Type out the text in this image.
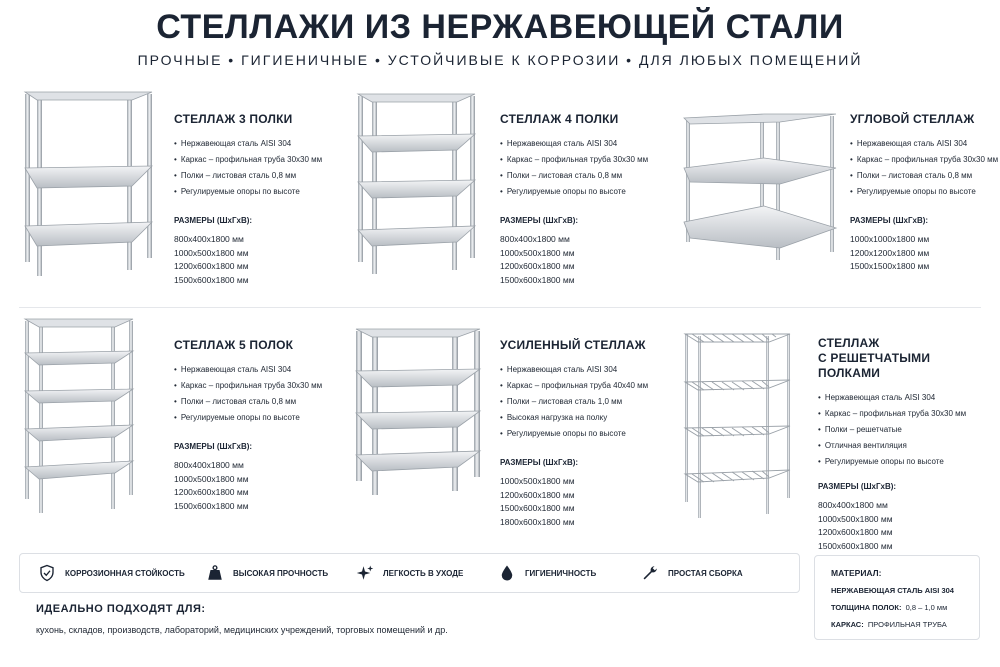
СТЕЛЛАЖИ ИЗ НЕРЖАВЕЮЩЕЙ СТАЛИ
ПРОЧНЫЕ • ГИГИЕНИЧНЫЕ • УСТОЙЧИВЫЕ К КОРРОЗИИ • ДЛЯ ЛЮБЫХ ПОМЕЩЕНИЙ
СТЕЛЛАЖ 3 ПОЛКИ
• Нержавеющая сталь AISI 304
• Каркас – профильная труба 30х30 мм
• Полки – листовая сталь 0,8 мм
• Регулируемые опоры по высоте
РАЗМЕРЫ (ШхГхВ):
800х400х1800 мм
1000х500х1800 мм
1200х600х1800 мм
1500х600х1800 мм
СТЕЛЛАЖ 4 ПОЛКИ
• Нержавеющая сталь AISI 304
• Каркас – профильная труба 30х30 мм
• Полки – листовая сталь 0,8 мм
• Регулируемые опоры по высоте
РАЗМЕРЫ (ШхГхВ):
800х400х1800 мм
1000х500х1800 мм
1200х600х1800 мм
1500х600х1800 мм
УГЛОВОЙ СТЕЛЛАЖ
• Нержавеющая сталь AISI 304
• Каркас – профильная труба 30х30 мм
• Полки – листовая сталь 0,8 мм
• Регулируемые опоры по высоте
РАЗМЕРЫ (ШхГхВ):
1000х1000х1800 мм
1200х1200х1800 мм
1500х1500х1800 мм
СТЕЛЛАЖ 5 ПОЛОК
• Нержавеющая сталь AISI 304
• Каркас – профильная труба 30х30 мм
• Полки – листовая сталь 0,8 мм
• Регулируемые опоры по высоте
РАЗМЕРЫ (ШхГхВ):
800х400х1800 мм
1000х500х1800 мм
1200х600х1800 мм
1500х600х1800 мм
УСИЛЕННЫЙ СТЕЛЛАЖ
• Нержавеющая сталь AISI 304
• Каркас – профильная труба 40х40 мм
• Полки – листовая сталь 1,0 мм
• Высокая нагрузка на полку
• Регулируемые опоры по высоте
РАЗМЕРЫ (ШхГхВ):
1000х500х1800 мм
1200х600х1800 мм
1500х600х1800 мм
1800х600х1800 мм
СТЕЛЛАЖ
С РЕШЕТЧАТЫМИ ПОЛКАМИ
• Нержавеющая сталь AISI 304
• Каркас – профильная труба 30х30 мм
• Полки – решетчатые
• Отличная вентиляция
• Регулируемые опоры по высоте
РАЗМЕРЫ (ШхГхВ):
800х400х1800 мм
1000х500х1800 мм
1200х600х1800 мм
1500х600х1800 мм
КОРРОЗИОННАЯ СТОЙКОСТЬ	ВЫСОКАЯ ПРОЧНОСТЬ	ЛЕГКОСТЬ В УХОДЕ	ГИГИЕНИЧНОСТЬ	ПРОСТАЯ СБОРКА	МАТЕРИАЛ:
НЕРЖАВЕЮЩАЯ СТАЛЬ AISI 304
ТОЛЩИНА ПОЛОК: 0,8 – 1,0 мм
КАРКАС: ПРОФИЛЬНАЯ ТРУБА
ИДЕАЛЬНО ПОДХОДЯТ ДЛЯ:
кухонь, складов, производств, лабораторий, медицинских учреждений, торговых помещений и др.
